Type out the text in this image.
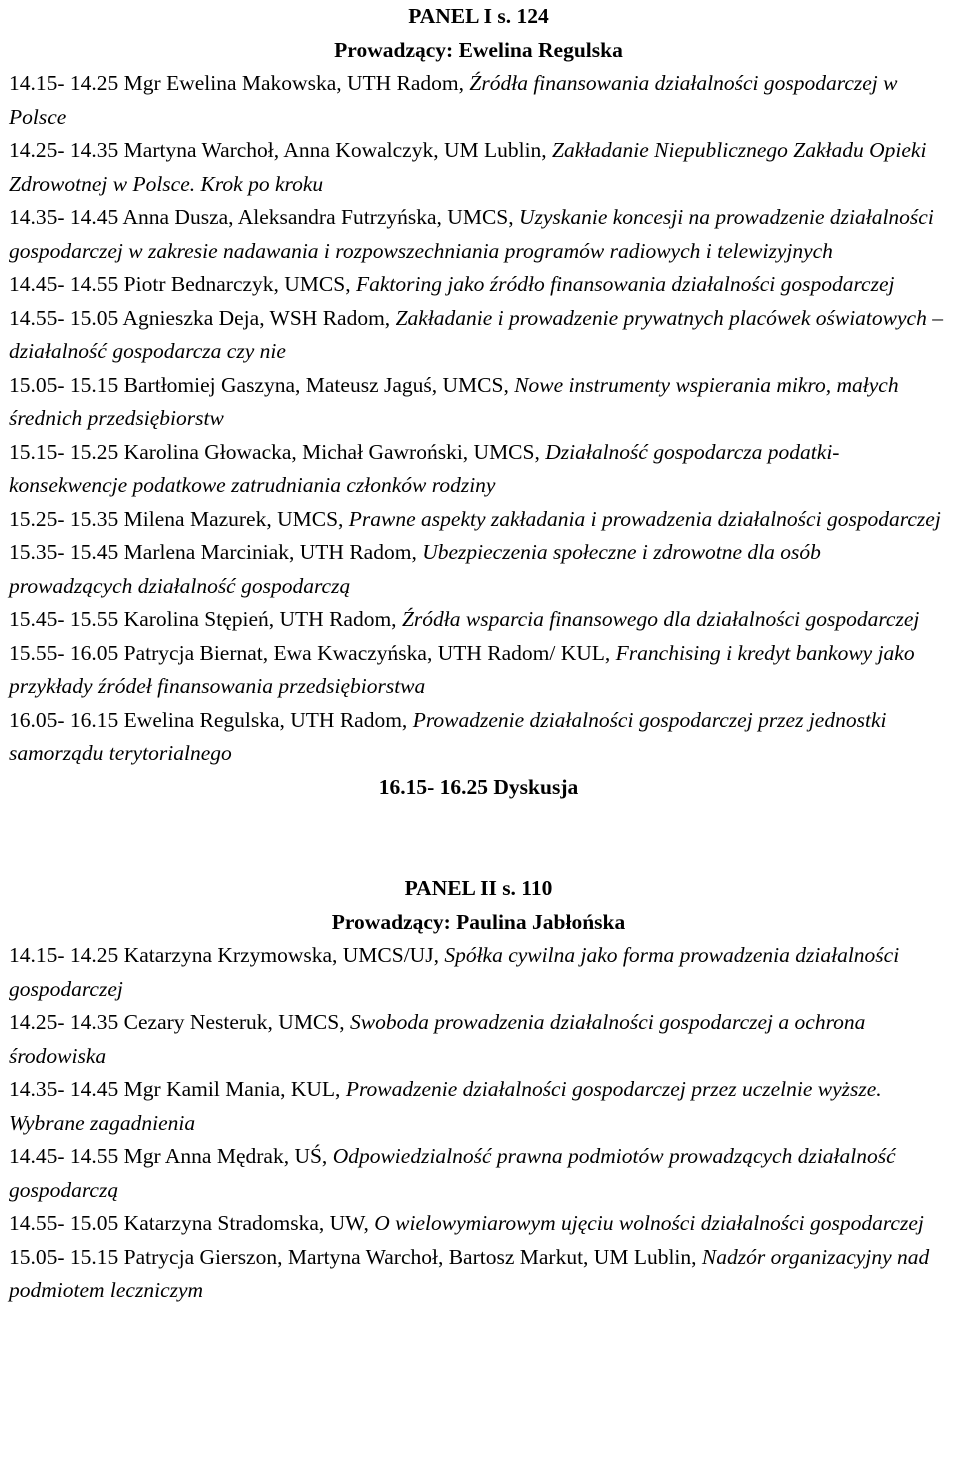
PANEL I s. 124

Prowadzący: Ewelina Regulska

14.15- 14.25 Mgr Ewelina Makowska, UTH Radom, Źródła finansowania działalności gospodarczej w Polsce

14.25- 14.35 Martyna Warchoł, Anna Kowalczyk, UM Lublin, Zakładanie Niepublicznego Zakładu Opieki Zdrowotnej w Polsce. Krok po kroku

14.35- 14.45 Anna Dusza, Aleksandra Futrzyńska, UMCS, Uzyskanie koncesji na prowadzenie działalności gospodarczej w zakresie nadawania i rozpowszechniania programów radiowych i telewizyjnych

14.45- 14.55 Piotr Bednarczyk, UMCS, Faktoring jako źródło finansowania działalności gospodarczej

14.55- 15.05 Agnieszka Deja, WSH Radom, Zakładanie i prowadzenie prywatnych placówek oświatowych – działalność gospodarcza czy nie

15.05- 15.15 Bartłomiej Gaszyna, Mateusz Jaguś, UMCS, Nowe instrumenty wspierania mikro, małych średnich przedsiębiorstw

15.15- 15.25 Karolina Głowacka, Michał Gawroński, UMCS, Działalność gospodarcza podatki- konsekwencje podatkowe zatrudniania członków rodziny

15.25- 15.35 Milena Mazurek, UMCS, Prawne aspekty zakładania i prowadzenia działalności gospodarczej

15.35- 15.45 Marlena Marciniak, UTH Radom, Ubezpieczenia społeczne i zdrowotne dla osób prowadzących działalność gospodarczą

15.45- 15.55 Karolina Stępień, UTH Radom, Źródła wsparcia finansowego dla działalności gospodarczej

15.55- 16.05 Patrycja Biernat, Ewa Kwaczyńska, UTH Radom/ KUL, Franchising i kredyt bankowy jako przykłady źródeł finansowania przedsiębiorstwa

16.05- 16.15 Ewelina Regulska, UTH Radom, Prowadzenie działalności gospodarczej przez jednostki samorządu terytorialnego

16.15- 16.25 Dyskusja

PANEL II s. 110

Prowadzący: Paulina Jabłońska

14.15- 14.25 Katarzyna Krzymowska, UMCS/UJ, Spółka cywilna jako forma prowadzenia działalności gospodarczej

14.25- 14.35 Cezary Nesteruk, UMCS, Swoboda prowadzenia działalności gospodarczej a ochrona środowiska

14.35- 14.45 Mgr Kamil Mania, KUL, Prowadzenie działalności gospodarczej przez uczelnie wyższe. Wybrane zagadnienia

14.45- 14.55 Mgr Anna Mędrak, UŚ, Odpowiedzialność prawna podmiotów prowadzących działalność gospodarczą

14.55- 15.05 Katarzyna Stradomska, UW, O wielowymiarowym ujęciu wolności działalności gospodarczej

15.05- 15.15 Patrycja Gierszon, Martyna Warchoł, Bartosz Markut, UM Lublin, Nadzór organizacyjny nad podmiotem leczniczym
